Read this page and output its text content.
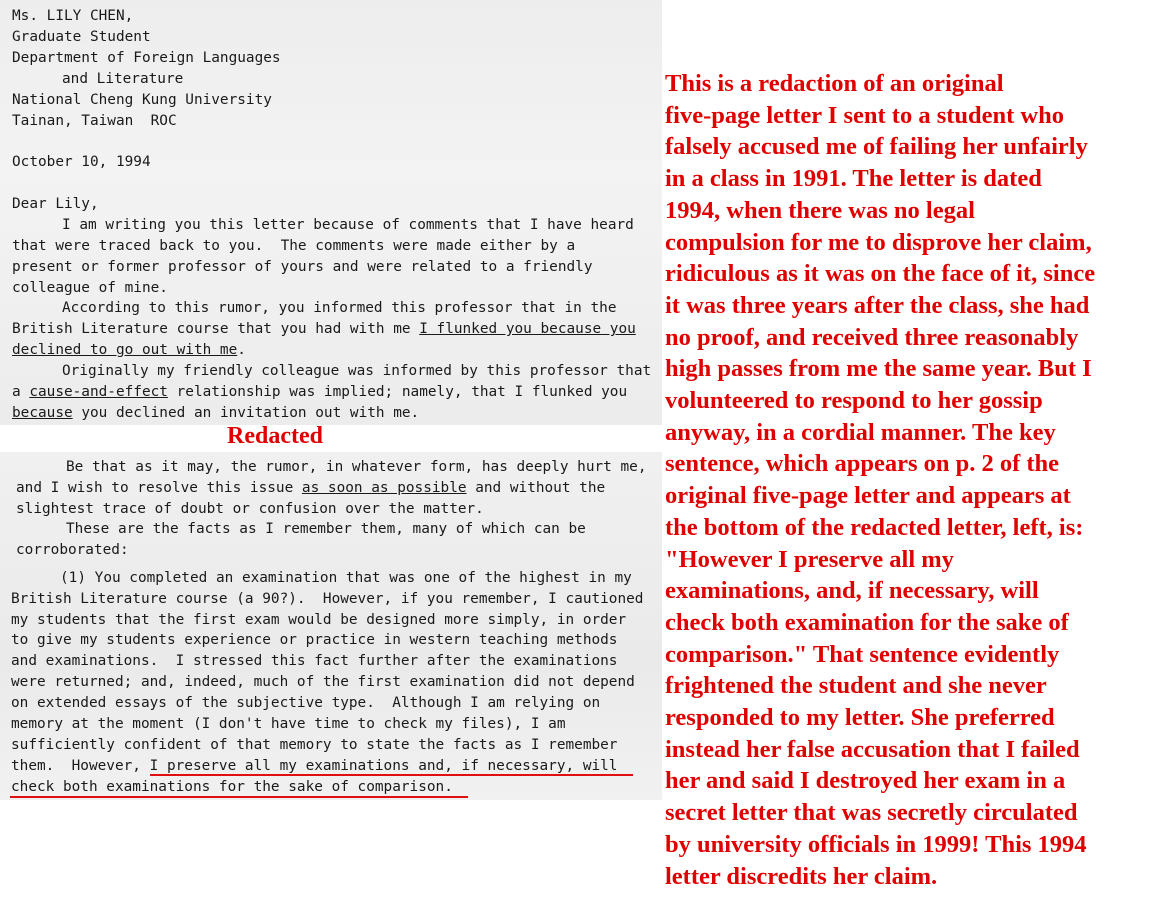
Ms. LILY CHEN,

Graduate Student

Department of Foreign Languages

and Literature

National Cheng Kung University

Tainan, Taiwan  ROC

October 10, 1994

Dear Lily,

I am writing you this letter because of comments that I have heard

that were traced back to you.  The comments were made either by a

present or former professor of yours and were related to a friendly

colleague of mine.

According to this rumor, you informed this professor that in the

British Literature course that you had with me I flunked you because you

declined to go out with me.

Originally my friendly colleague was informed by this professor that

a cause-and-effect relationship was implied; namely, that I flunked you

because you declined an invitation out with me.

Be that as it may, the rumor, in whatever form, has deeply hurt me,

and I wish to resolve this issue as soon as possible and without the

slightest trace of doubt or confusion over the matter.

These are the facts as I remember them, many of which can be

corroborated:

(1) You completed an examination that was one of the highest in my

British Literature course (a 90?).  However, if you remember, I cautioned

my students that the first exam would be designed more simply, in order

to give my students experience or practice in western teaching methods

and examinations.  I stressed this fact further after the examinations

were returned; and, indeed, much of the first examination did not depend

on extended essays of the subjective type.  Although I am relying on

memory at the moment (I don't have time to check my files), I am

sufficiently confident of that memory to state the facts as I remember

them.  However, I preserve all my examinations and, if necessary, will

check both examinations for the sake of comparison.

Redacted

This is a redaction of an original
five-page letter I sent to a student who
falsely accused me of failing her unfairly
in a class in 1991. The letter is dated
1994, when there was no legal
compulsion for me to disprove her claim,
ridiculous as it was on the face of it, since
it was three years after the class, she had
no proof, and received three reasonably
high passes from me the same year. But I
volunteered to respond to her gossip
anyway, in a cordial manner. The key
sentence, which appears on p. 2 of the
original five-page letter and appears at
the bottom of the redacted letter, left, is:
"However I preserve all my
examinations, and, if necessary, will
check both examination for the sake of
comparison." That sentence evidently
frightened the student and she never
responded to my letter. She preferred
instead her false accusation that I failed
her and said I destroyed her exam in a
secret letter that was secretly circulated
by university officials in 1999! This 1994
letter discredits her claim.
